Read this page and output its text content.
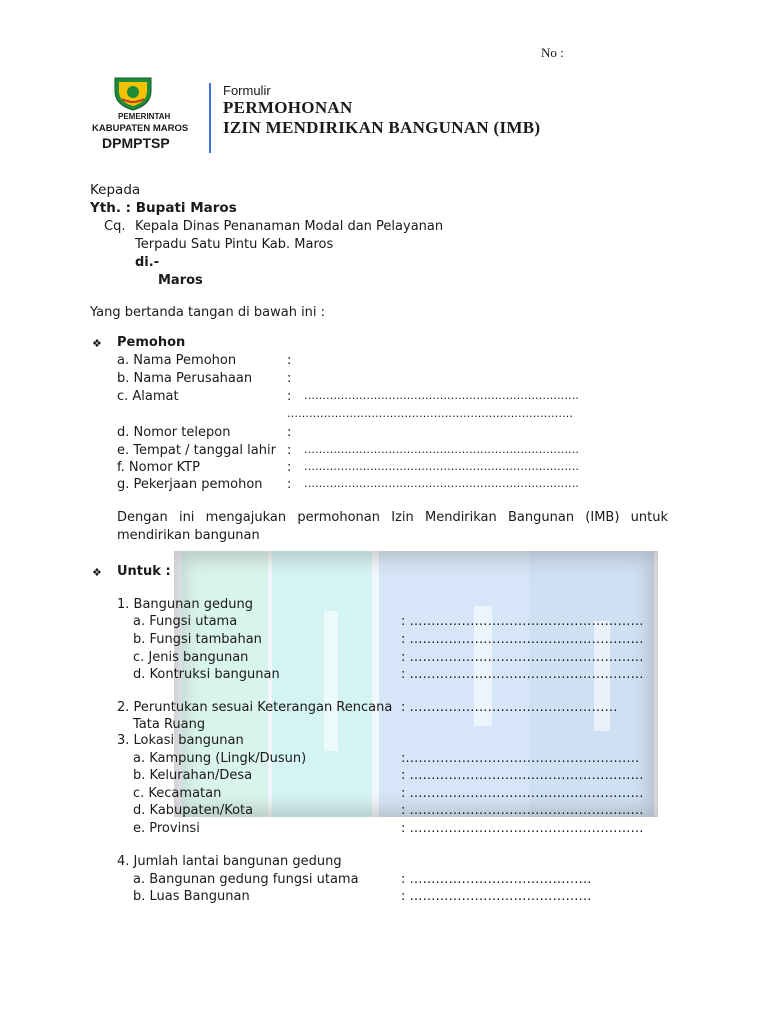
No :
PEMERINTAH
KABUPATEN MAROS
DPMPTSP
Formulir
PERMOHONAN
IZIN MENDIRIKAN BANGUNAN (IMB)
Kepada
Yth. : Bupati Maros
Cq. Kepala Dinas Penanaman Modal dan Pelayanan
Terpadu Satu Pintu Kab. Maros
di.-
Maros
Yang bertanda tangan di bawah ini :
❖ Pemohon
a. Nama Pemohon	:
b. Nama Perusahaan	:
c. Alamat	: …………………………………………………………………
……………………………………………………………………
d. Nomor telepon	:
e. Tempat / tanggal lahir : …………………………………………………………………
f. Nomor KTP	: …………………………………………………………………
g. Pekerjaan pemohon : …………………………………………………………………
Dengan ini mengajukan permohonan Izin Mendirikan Bangunan (IMB) untuk
mendirikan bangunan
❖ Untuk :
1. Bangunan gedung
a. Fungsi utama	: ………………………………………………
b. Fungsi tambahan	: ………………………………………………
c. Jenis bangunan	: ………………………………………………
d. Kontruksi bangunan	: ………………………………………………
2. Peruntukan sesuai Keterangan Rencana : …………………………………………
Tata Ruang
3. Lokasi bangunan
a. Kampung (Lingk/Dusun)	:………………………………………………
b. Kelurahan/Desa	: ………………………………………………
c. Kecamatan	: ………………………………………………
d. Kabupaten/Kota	: ………………………………………………
e. Provinsi	: ………………………………………………
4. Jumlah lantai bangunan gedung
a. Bangunan gedung fungsi utama	: ……………………………………
b. Luas Bangunan	: ……………………………………
